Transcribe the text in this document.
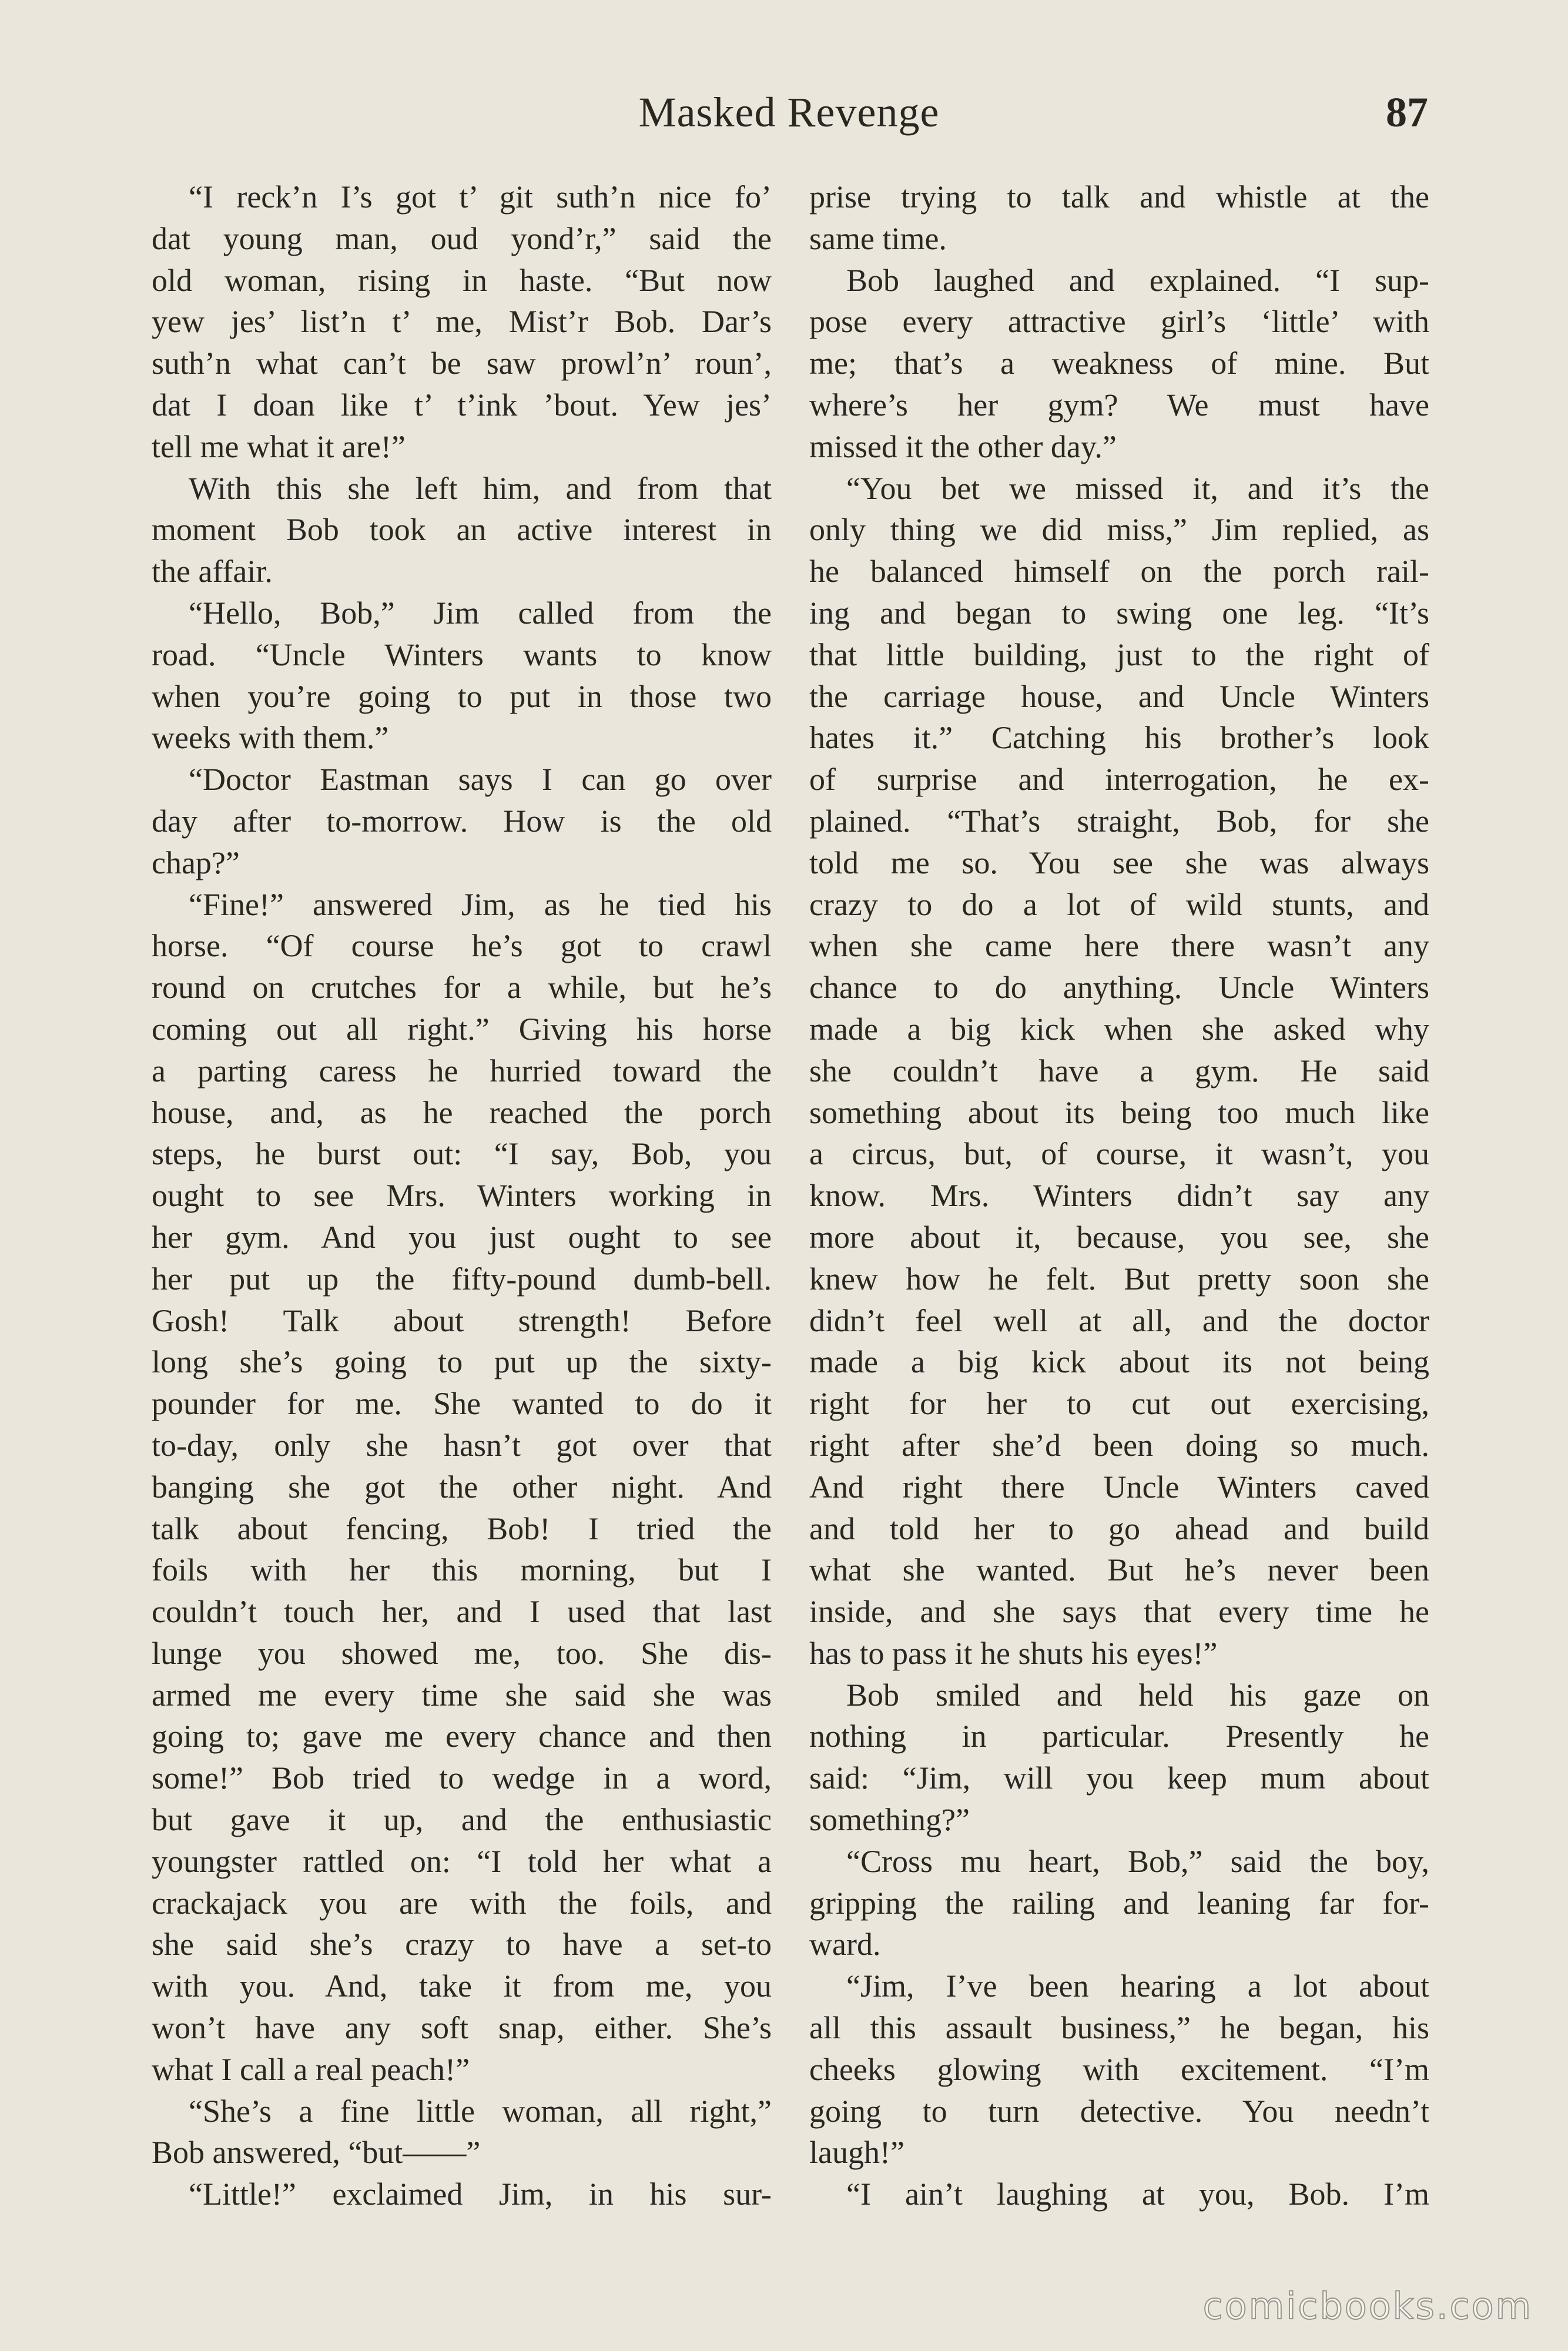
Masked Revenge	87
“I reck’n I’s got t’ git suth’n nice fo’
dat young man, oud yond’r,” said the
old woman, rising in haste. “But now
yew jes’ list’n t’ me, Mist’r Bob. Dar’s
suth’n what can’t be saw prowl’n’ roun’,
dat I doan like t’ t’ink ’bout. Yew jes’
tell me what it are!”
With this she left him, and from that
moment Bob took an active interest in
the affair.
“Hello, Bob,” Jim called from the
road. “Uncle Winters wants to know
when you’re going to put in those two
weeks with them.”
“Doctor Eastman says I can go over
day after to-morrow. How is the old
chap?”
“Fine!” answered Jim, as he tied his
horse. “Of course he’s got to crawl
round on crutches for a while, but he’s
coming out all right.” Giving his horse
a parting caress he hurried toward the
house, and, as he reached the porch
steps, he burst out: “I say, Bob, you
ought to see Mrs. Winters working in
her gym. And you just ought to see
her put up the fifty-pound dumb-bell.
Gosh! Talk about strength! Before
long she’s going to put up the sixty-
pounder for me. She wanted to do it
to-day, only she hasn’t got over that
banging she got the other night. And
talk about fencing, Bob! I tried the
foils with her this morning, but I
couldn’t touch her, and I used that last
lunge you showed me, too. She dis-
armed me every time she said she was
going to; gave me every chance and then
some!” Bob tried to wedge in a word,
but gave it up, and the enthusiastic
youngster rattled on: “I told her what a
crackajack you are with the foils, and
she said she’s crazy to have a set-to
with you. And, take it from me, you
won’t have any soft snap, either. She’s
what I call a real peach!”
“She’s a fine little woman, all right,”
Bob answered, “but——”
“Little!” exclaimed Jim, in his sur-
prise trying to talk and whistle at the
same time.
Bob laughed and explained. “I sup-
pose every attractive girl’s ‘little’ with
me; that’s a weakness of mine. But
where’s her gym? We must have
missed it the other day.”
“You bet we missed it, and it’s the
only thing we did miss,” Jim replied, as
he balanced himself on the porch rail-
ing and began to swing one leg. “It’s
that little building, just to the right of
the carriage house, and Uncle Winters
hates it.” Catching his brother’s look
of surprise and interrogation, he ex-
plained. “That’s straight, Bob, for she
told me so. You see she was always
crazy to do a lot of wild stunts, and
when she came here there wasn’t any
chance to do anything. Uncle Winters
made a big kick when she asked why
she couldn’t have a gym. He said
something about its being too much like
a circus, but, of course, it wasn’t, you
know. Mrs. Winters didn’t say any
more about it, because, you see, she
knew how he felt. But pretty soon she
didn’t feel well at all, and the doctor
made a big kick about its not being
right for her to cut out exercising,
right after she’d been doing so much.
And right there Uncle Winters caved
and told her to go ahead and build
what she wanted. But he’s never been
inside, and she says that every time he
has to pass it he shuts his eyes!”
Bob smiled and held his gaze on
nothing in particular. Presently he
said: “Jim, will you keep mum about
something?”
“Cross mu heart, Bob,” said the boy,
gripping the railing and leaning far for-
ward.
“Jim, I’ve been hearing a lot about
all this assault business,” he began, his
cheeks glowing with excitement. “I’m
going to turn detective. You needn’t
laugh!”
“I ain’t laughing at you, Bob. I’m
comicbooks.com
